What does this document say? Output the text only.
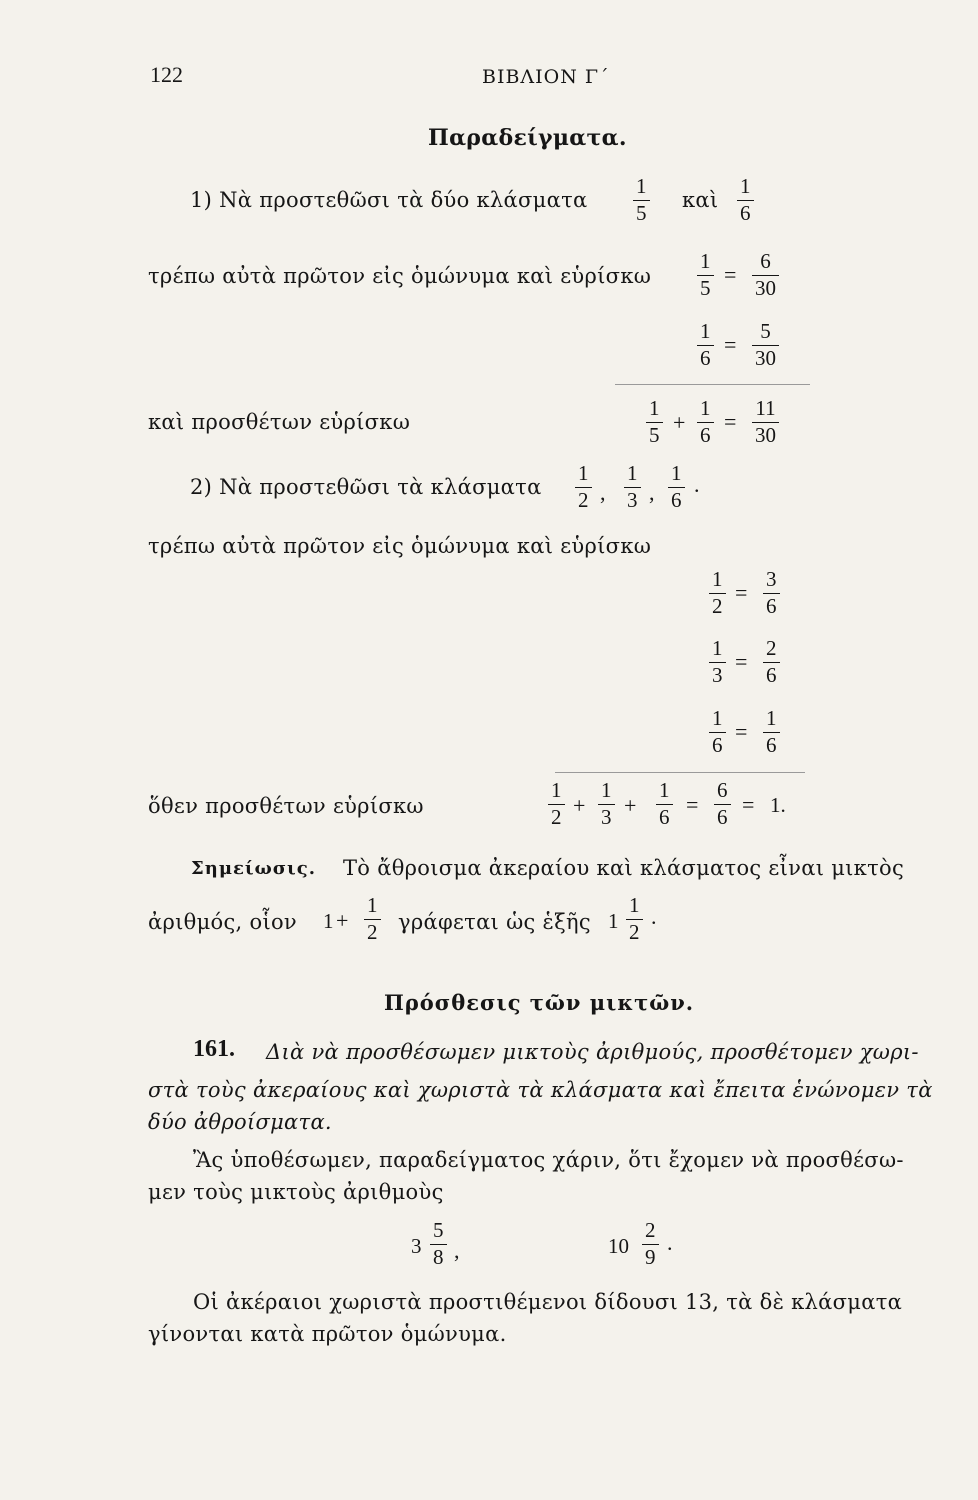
122	ΒΙΒΛΙΟΝ Γ΄
Παραδείγματα.
1) Νὰ προστεθῶσι τὰ δύο κλάσματα
1
5
καὶ
1
6
τρέπω αὐτὰ πρῶτον εἰς ὁμώνυμα καὶ εὑρίσκω
1
5
=
6
30
1
6
=
5
30
καὶ προσθέτων εὑρίσκω
1
5 +
1
6
=
11
30
2) Νὰ προστεθῶσι τὰ κλάσματα
1
2 ,
1
3 ,
1
6
.
τρέπω αὐτὰ πρῶτον εἰς ὁμώνυμα καὶ εὑρίσκω
1
2
=
3
6
1
3
=
2
6
1
6
=
1
6
ὅθεν προσθέτων εὑρίσκω
1
2 +
1
3 +
1
6 =
6
6 = 1.
Σημείωσις. Τὸ ἄθροισμα ἀκεραίου καὶ κλάσματος εἶναι μικτὸς
ἀριθμός, οἷον 1 +
1
2 γράφεται ὡς ἑξῆς 1
1
2
.
Πρόσθεσις τῶν μικτῶν.
161. Διὰ νὰ προσθέσωμεν μικτοὺς ἀριθμούς, προσθέτομεν χωρι-
στὰ τοὺς ἀκεραίους καὶ χωριστὰ τὰ κλάσματα καὶ ἔπειτα ἑνώνομεν τὰ
δύο ἀθροίσματα.
Ἂς ὑποθέσωμεν, παραδείγματος χάριν, ὅτι ἔχομεν νὰ προσθέσω-
μεν τοὺς μικτοὺς ἀριθμοὺς
3
5
8 ,	10
2
9
.
Οἱ ἀκέραιοι χωριστὰ προστιθέμενοι δίδουσι 13, τὰ δὲ κλάσματα
γίνονται κατὰ πρῶτον ὁμώνυμα.
